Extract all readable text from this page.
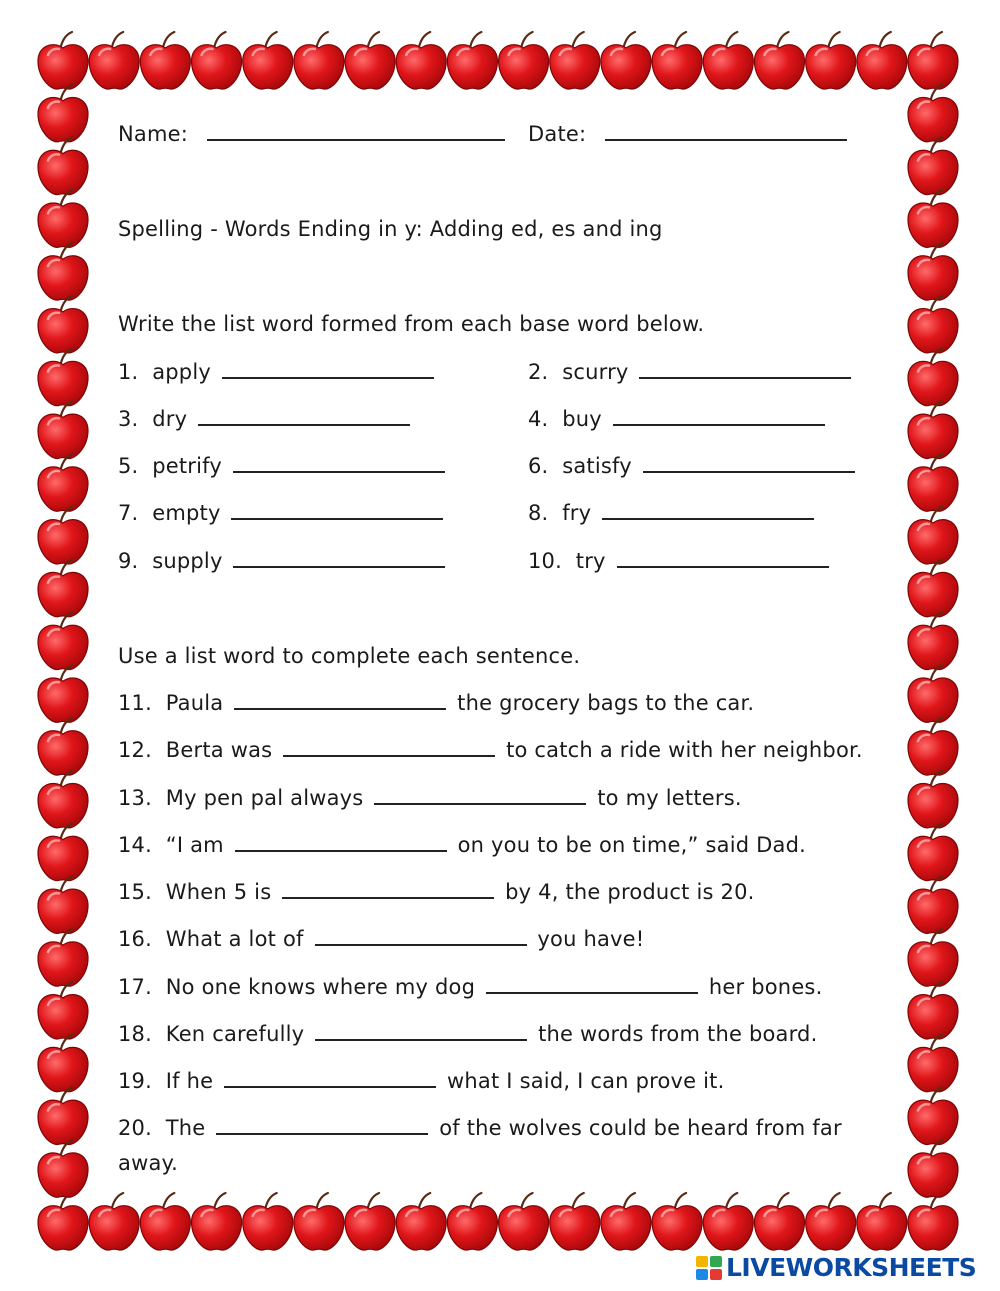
Name:	Date:
Spelling - Words Ending in y: Adding ed, es and ing
Write the list word formed from each base word below.
1. apply	2. scurry
3. dry	4. buy
5. petrify	6. satisfy
7. empty	8. fry
9. supply	10. try
Use a list word to complete each sentence.
11. Paula	the grocery bags to the car.
12. Berta was	to catch a ride with her neighbor.
13. My pen pal always	to my letters.
14. “I am	on you to be on time,” said Dad.
15. When 5 is	by 4, the product is 20.
16. What a lot of	you have!
17. No one knows where my dog	her bones.
18. Ken carefully	the words from the board.
19. If he	what I said, I can prove it.
20. The	of the wolves could be heard from far away.
LIVEWORKSHEETS
